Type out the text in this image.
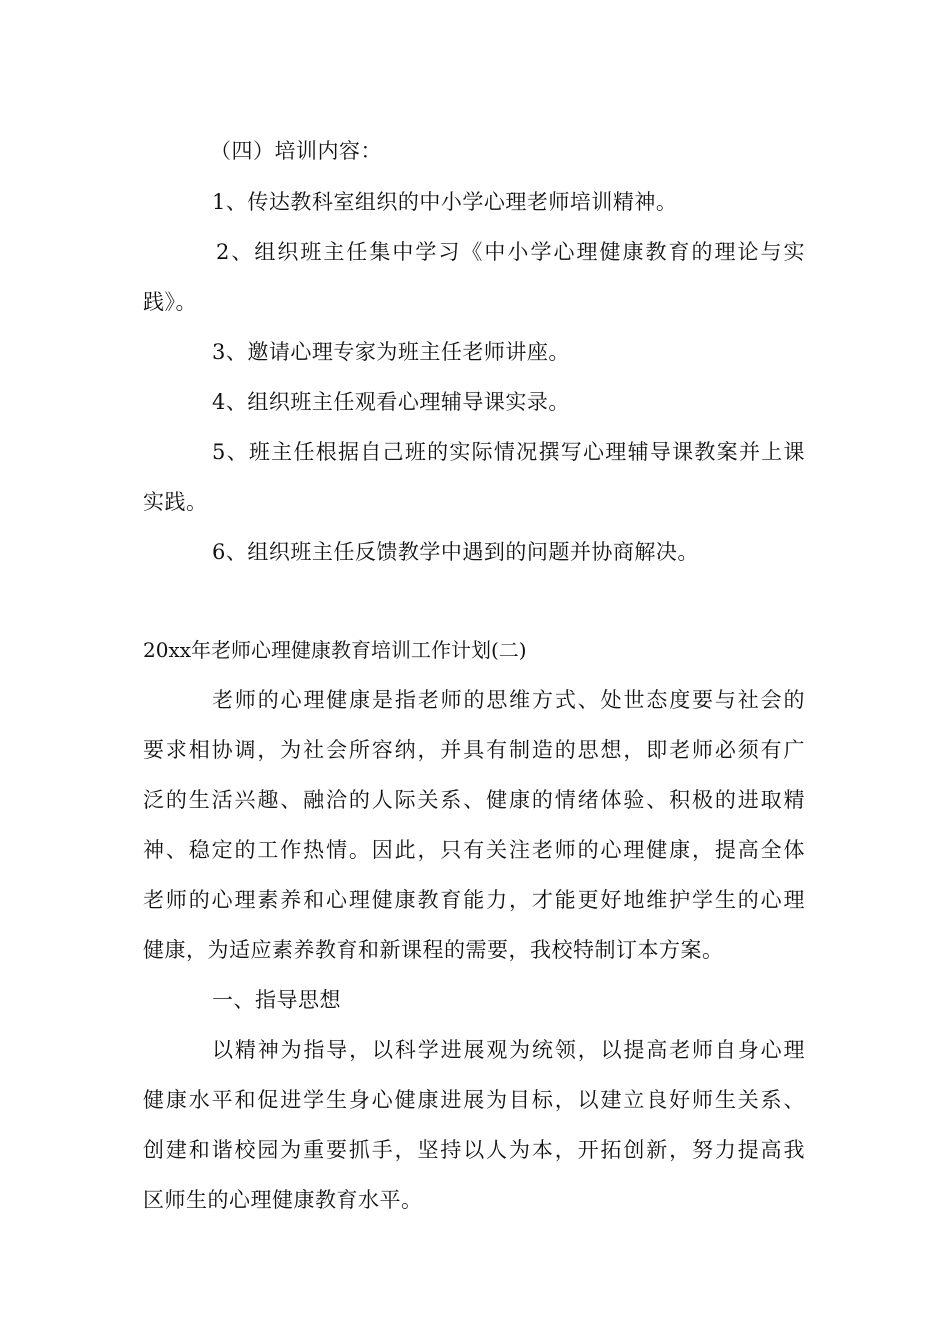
（四）培训内容：
1、传达教科室组织的中小学心理老师培训精神。
2、组织班主任集中学习《中小学心理健康教育的理论与实
践》。
3、邀请心理专家为班主任老师讲座。
4、组织班主任观看心理辅导课实录。
5、班主任根据自己班的实际情况撰写心理辅导课教案并上课
实践。
6、组织班主任反馈教学中遇到的问题并协商解决。
20xx年老师心理健康教育培训工作计划(二)
老师的心理健康是指老师的思维方式、处世态度要与社会的
要求相协调，为社会所容纳，并具有制造的思想，即老师必须有广
泛的生活兴趣、融洽的人际关系、健康的情绪体验、积极的进取精
神、稳定的工作热情。因此，只有关注老师的心理健康，提高全体
老师的心理素养和心理健康教育能力，才能更好地维护学生的心理
健康，为适应素养教育和新课程的需要，我校特制订本方案。
一、指导思想
以精神为指导，以科学进展观为统领，以提高老师自身心理
健康水平和促进学生身心健康进展为目标，以建立良好师生关系、
创建和谐校园为重要抓手，坚持以人为本，开拓创新，努力提高我
区师生的心理健康教育水平。
